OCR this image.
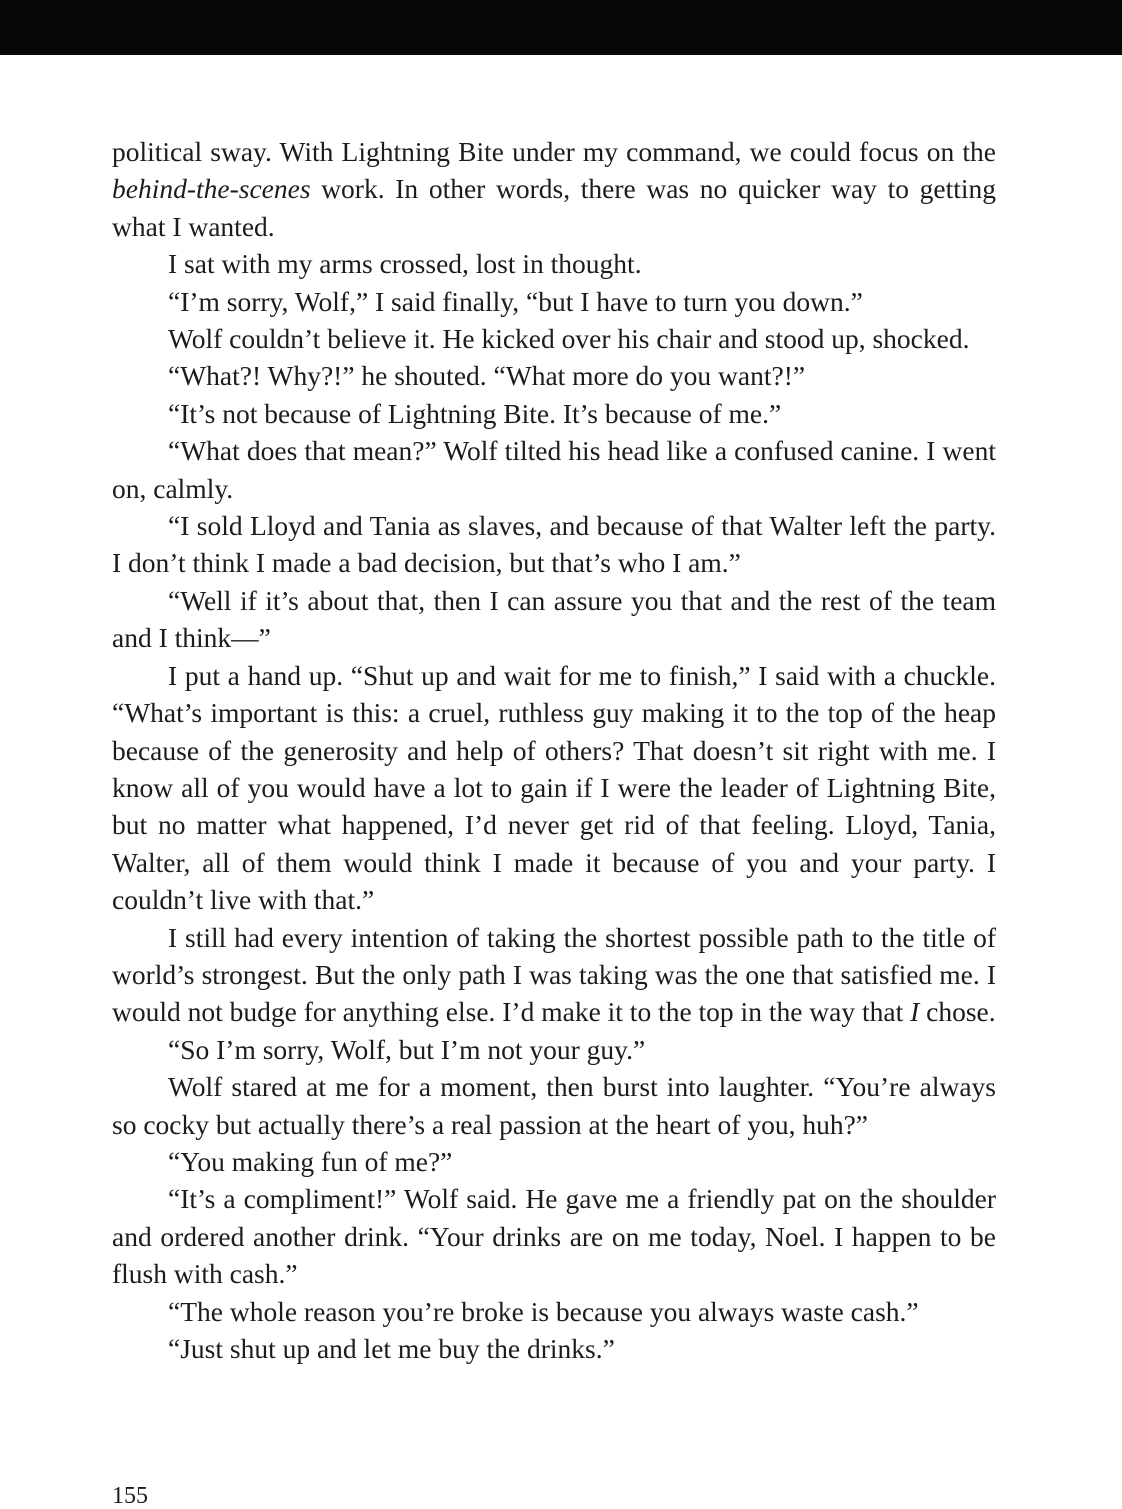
political sway. With Lightning Bite under my command, we could focus on the behind-the-scenes work. In other words, there was no quicker way to getting what I wanted.

I sat with my arms crossed, lost in thought.

“I’m sorry, Wolf,” I said finally, “but I have to turn you down.”

Wolf couldn’t believe it. He kicked over his chair and stood up, shocked.

“What?! Why?!” he shouted. “What more do you want?!”

“It’s not because of Lightning Bite. It’s because of me.”

“What does that mean?” Wolf tilted his head like a confused canine. I went on, calmly.

“I sold Lloyd and Tania as slaves, and because of that Walter left the party. I don’t think I made a bad decision, but that’s who I am.”

“Well if it’s about that, then I can assure you that and the rest of the team and I think—”

I put a hand up. “Shut up and wait for me to finish,” I said with a chuckle. “What’s important is this: a cruel, ruthless guy making it to the top of the heap because of the generosity and help of others? That doesn’t sit right with me. I know all of you would have a lot to gain if I were the leader of Lightning Bite, but no matter what happened, I’d never get rid of that feeling. Lloyd, Tania, Walter, all of them would think I made it because of you and your party. I couldn’t live with that.”

I still had every intention of taking the shortest possible path to the title of world’s strongest. But the only path I was taking was the one that satisfied me. I would not budge for anything else. I’d make it to the top in the way that I chose.

“So I’m sorry, Wolf, but I’m not your guy.”

Wolf stared at me for a moment, then burst into laughter. “You’re always so cocky but actually there’s a real passion at the heart of you, huh?”

“You making fun of me?”

“It’s a compliment!” Wolf said. He gave me a friendly pat on the shoulder and ordered another drink. “Your drinks are on me today, Noel. I happen to be flush with cash.”

“The whole reason you’re broke is because you always waste cash.”

“Just shut up and let me buy the drinks.”

155
